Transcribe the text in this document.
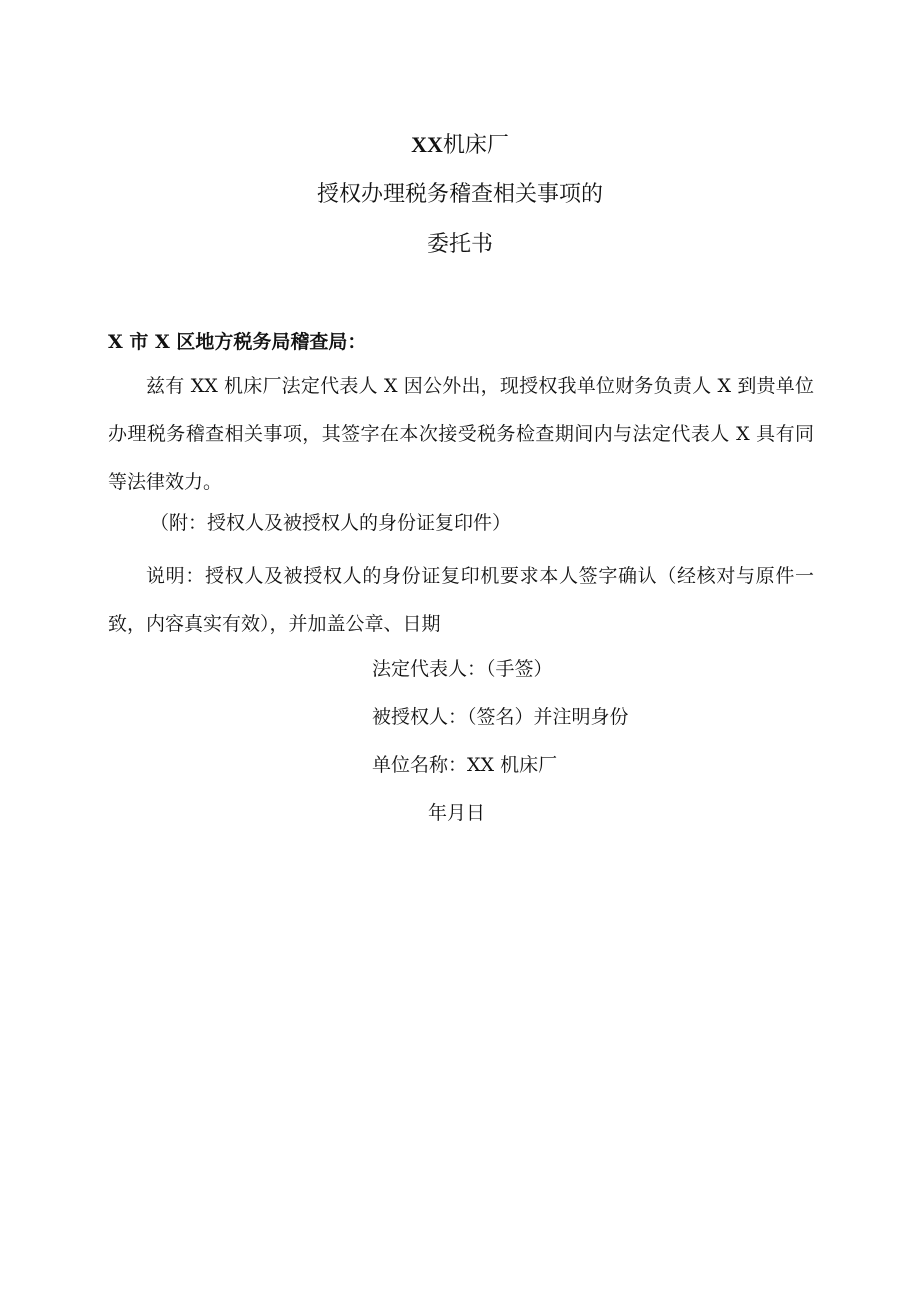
XX机床厂
授权办理税务稽查相关事项的
委托书
X 市 X 区地方税务局稽查局：
兹有 XX 机床厂法定代表人 X 因公外出，现授权我单位财务负责人 X 到贵单位办理税务稽查相关事项，其签字在本次接受税务检查期间内与法定代表人 X 具有同等法律效力。
（附：授权人及被授权人的身份证复印件）
说明：授权人及被授权人的身份证复印机要求本人签字确认（经核对与原件一致，内容真实有效），并加盖公章、日期
法定代表人：（手签）
被授权人：（签名）并注明身份
单位名称：XX 机床厂
年月日
